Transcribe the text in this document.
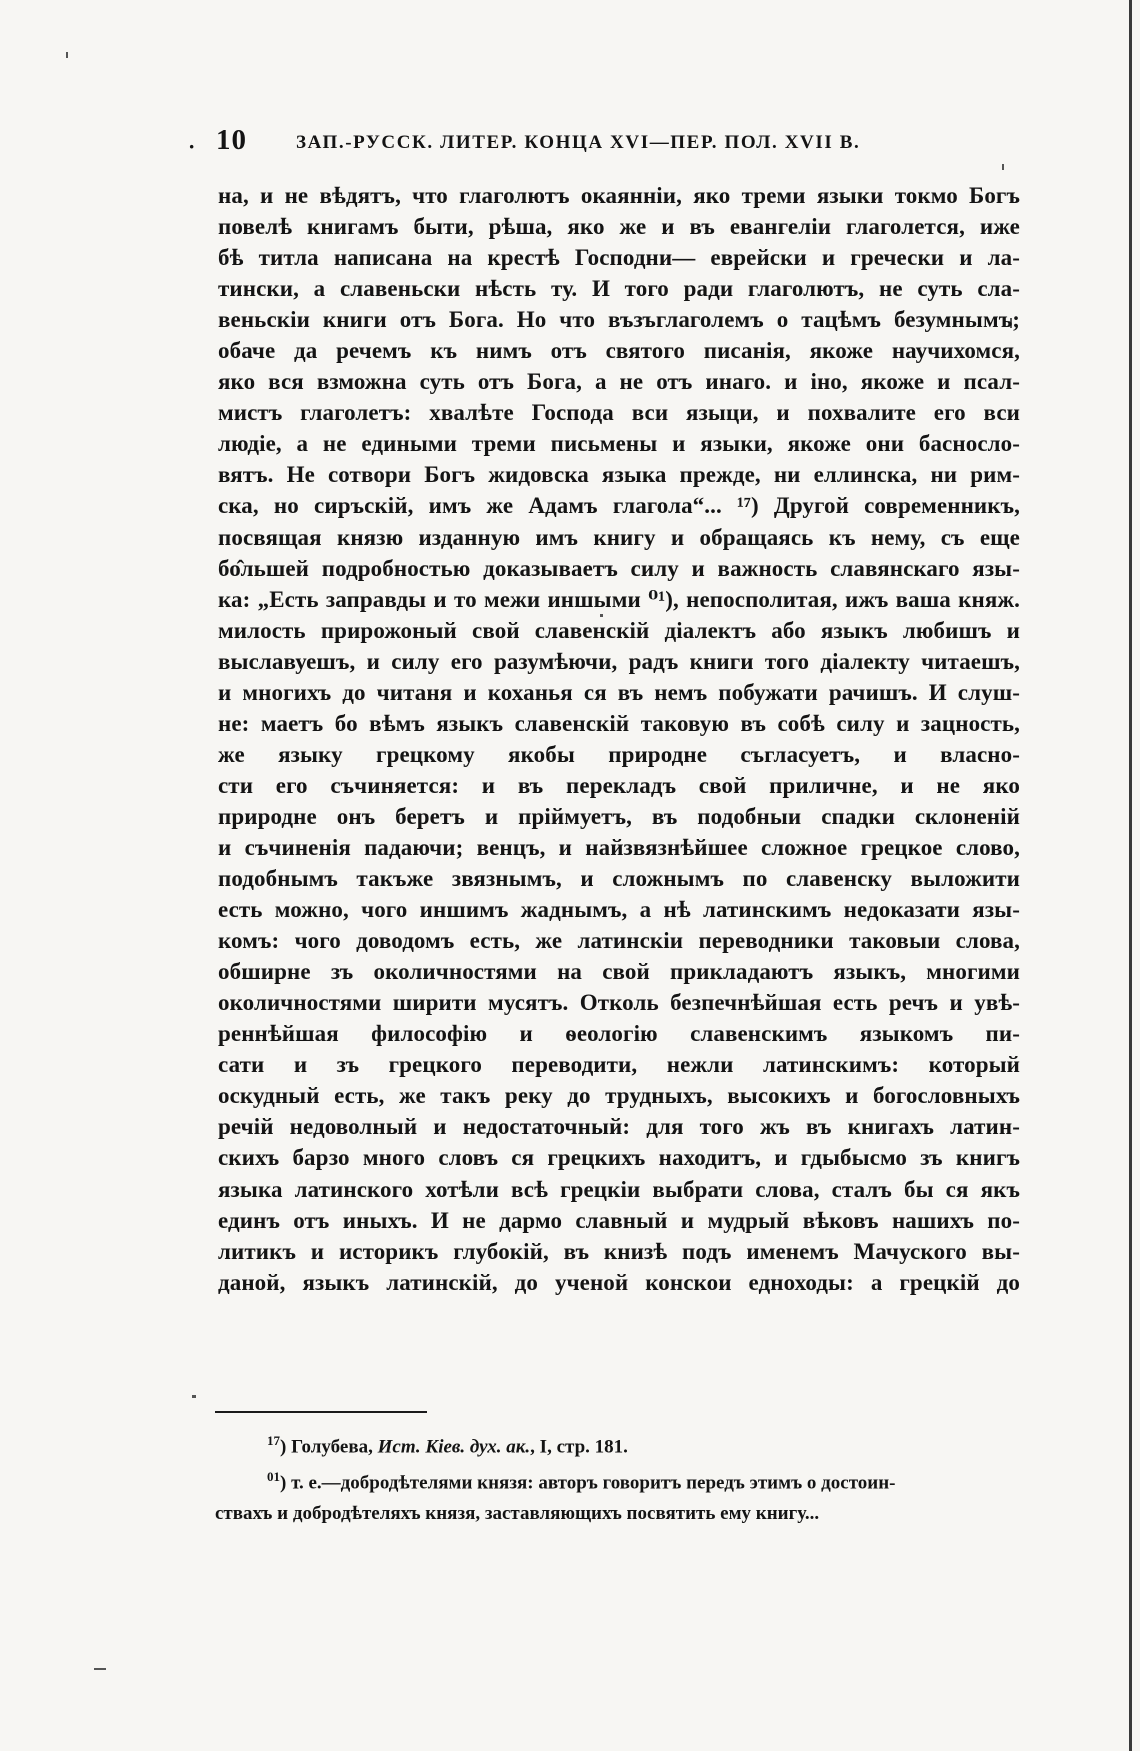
· 10	ЗАП.-РУССК. ЛИТЕР. КОНЦА XVI—ПЕР. ПОЛ. XVII В.
на, и не вѣдятъ, что глаголютъ окаянніи, яко треми языки токмо Богъ
повелѣ книгамъ быти, рѣша, яко же и въ евангеліи глаголется, иже
бѣ титла написана на крестѣ Господни— еврейски и гречески и ла-
тински, а славеньски нѣсть ту. И того ради глаголютъ, не суть сла-
веньскіи книги отъ Бога. Но что възъглаголемъ о тацѣмъ безумнымъ;
обаче да речемъ къ нимъ отъ святого писанія, якоже научихомся,
яко вся взможна суть отъ Бога, а не отъ инаго. и іно, якоже и псал-
мистъ глаголетъ: хвалѣте Господа вси языци, и похвалите его вси
людіе, а не едиными треми письмены и языки, якоже они баснослo-
вятъ. Не сотвори Богъ жидовска языка прежде, ни еллинска, ни рим-
ска, но сиръскій, имъ же Адамъ глагола“... ¹⁷) Другой современникъ,
посвящая князю изданную имъ книгу и обращаясь къ нему, съ еще
бо̂льшей подробностью доказываетъ силу и важность славянскаго язы-
ка: „Есть заправды и то межи иншыми ⁰¹), непосполитая, ижъ ваша княж.
милость прирожоный свой славенскій діалектъ або языкъ любишъ и
выславуешъ, и силу его разумѣючи, радъ книги того діалекту читаешъ,
и многихъ до читаня и коханья ся въ немъ побужати рачишъ. И слуш-
не: маетъ бо вѣмъ языкъ славенскій таковую въ собѣ силу и зацность,
же языку грецкому якобы природне съгласуетъ, и власно-
сти его съчиняется: и въ перекладъ свой приличне, и не яко
природне онъ беретъ и пріймуетъ, въ подобныи спадки склоненій
и съчиненія падаючи; венцъ, и найзвязнѣйшее сложное грецкое слово,
подобнымъ такъже звязнымъ, и сложнымъ по славенску выложити
есть можно, чого иншимъ жаднымъ, а нѣ латинскимъ недоказати язы-
комъ: чого доводомъ есть, же латинскіи переводники таковыи слова,
обширне зъ околичностями на свой прикладаютъ языкъ, многими
околичностями ширити мусятъ. Отколь безпечнѣйшая есть речъ и увѣ-
реннѣйшая философію и ѳеологію славенскимъ языкомъ пи-
сати и зъ грецкого переводити, нежли латинскимъ: который
оскудный есть, же такъ реку до трудныхъ, высокихъ и богословныхъ
речій недоволный и недостаточный: для того жъ въ книгахъ латин-
скихъ барзо много словъ ся грецкихъ находитъ, и гдыбысмо зъ книгъ
языка латинского хотѣли всѣ грецкіи выбрати слова, сталъ бы ся якъ
единъ отъ иныхъ. И не дармо славный и мудрый вѣковъ нашихъ по-
литикъ и историкъ глубокій, въ книзѣ подъ именемъ Мачускoго вы-
даной, языкъ латинскій, до ученой конскои едноходы: а грецкій до
$^{17}$) Голубева, Ист. Кіев. дух. ак., I, стр. 181.
$^{01}$) т. е.—добродѣтелями князя: авторъ говоритъ передъ этимъ о достоин-
ствахъ и добродѣтеляхъ князя, заставляющихъ посвятить ему книгу...
